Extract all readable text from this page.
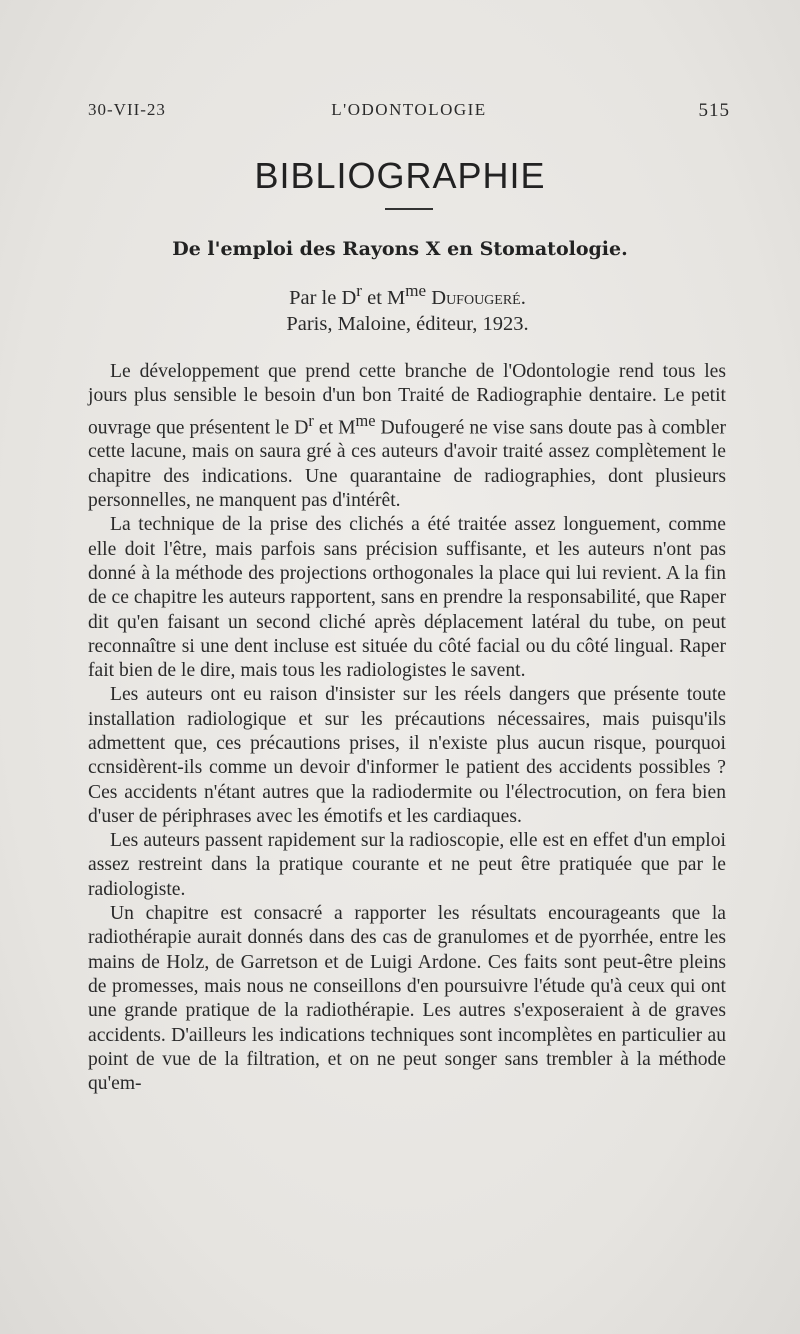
30-VII-23	L'ODONTOLOGIE	515
BIBLIOGRAPHIE
De l'emploi des Rayons X en Stomatologie.
Par le $D^r$ et $M^{me}$ Dufougeré.
Paris, Maloine, éditeur, 1923.

Le développement que prend cette branche de l'Odontologie rend tous les jours plus sensible le besoin d'un bon Traité de Radiographie dentaire. Le petit ouvrage que présentent le $D^r$ et $M^{me}$ Dufougeré ne vise sans doute pas à combler cette lacune, mais on saura gré à ces auteurs d'avoir traité assez complètement le chapitre des indications. Une quarantaine de radiographies, dont plusieurs personnelles, ne manquent pas d'intérêt.

La technique de la prise des clichés a été traitée assez longuement, comme elle doit l'être, mais parfois sans précision suffisante, et les auteurs n'ont pas donné à la méthode des projections orthogonales la place qui lui revient. A la fin de ce chapitre les auteurs rapportent, sans en prendre la responsabilité, que Raper dit qu'en faisant un second cliché après déplacement latéral du tube, on peut reconnaître si une dent incluse est située du côté facial ou du côté lingual. Raper fait bien de le dire, mais tous les radiologistes le savent.

Les auteurs ont eu raison d'insister sur les réels dangers que présente toute installation radiologique et sur les précautions nécessaires, mais puisqu'ils admettent que, ces précautions prises, il n'existe plus aucun risque, pourquoi ccnsidèrent-ils comme un devoir d'informer le patient des accidents possibles ? Ces accidents n'étant autres que la radiodermite ou l'électrocution, on fera bien d'user de périphrases avec les émotifs et les cardiaques.

Les auteurs passent rapidement sur la radioscopie, elle est en effet d'un emploi assez restreint dans la pratique courante et ne peut être pratiquée que par le radiologiste.

Un chapitre est consacré a rapporter les résultats encourageants que la radiothérapie aurait donnés dans des cas de granulomes et de pyorrhée, entre les mains de Holz, de Garretson et de Luigi Ardone. Ces faits sont peut-être pleins de promesses, mais nous ne conseillons d'en poursuivre l'étude qu'à ceux qui ont une grande pratique de la radiothérapie. Les autres s'exposeraient à de graves accidents. D'ailleurs les indications techniques sont incomplètes en particulier au point de vue de la filtration, et on ne peut songer sans trembler à la méthode qu'em-
